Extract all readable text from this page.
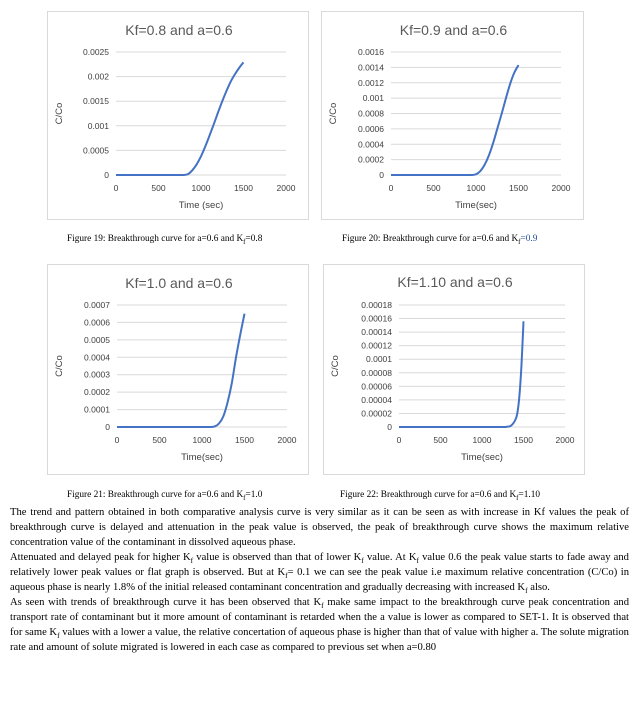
Kf=0.8 and a=0.6
0
0.0005
0.001
0.0015
0.002
0.0025
0	500	1000	1500	2000
Time (sec)
C/Co
Figure 19: Breakthrough curve for a=0.6 and $K_f=0.8$
Kf=0.9 and a=0.6
0
0.0002
0.0004
0.0006
0.0008
0.001
0.0012
0.0014
0.0016
0	500	1000	1500	2000
Time(sec)
C/Co
Figure 20: Breakthrough curve for a=0.6 and $K_f=0.9$
Kf=1.0 and a=0.6
0
0.0001
0.0002
0.0003
0.0004
0.0005
0.0006
0.0007
0	500	1000	1500	2000
Time(sec)
C/Co
Figure 21: Breakthrough curve for a=0.6 and $K_f=1.0$
Kf=1.10 and a=0.6
0
0.00002
0.00004
0.00006
0.00008
0.0001
0.00012
0.00014
0.00016
0.00018
0	500	1000	1500	2000
Time(sec)
C/Co
Figure 22: Breakthrough curve for a=0.6 and $K_f=1.10$

The trend and pattern obtained in both comparative analysis curve is very similar as it can be seen as with increase in Kf values the peak of breakthrough curve is delayed and attenuation in the peak value is observed, the peak of breakthrough curve shows the maximum relative concentration value of the contaminant in dissolved aqueous phase.

Attenuated and delayed peak for higher $K_f$ value is observed than that of lower $K_f$ value. At $K_f$ value 0.6 the peak value starts to fade away and relatively lower peak values or flat graph is observed. But at $K_f= 0.1$ we can see the peak value i.e maximum relative concentration (C/Co) in aqueous phase is nearly 1.8% of the initial released contaminant concentration and gradually decreasing with increased $K_f$ also.

As seen with trends of breakthrough curve it has been observed that $K_f$ make same impact to the breakthrough curve peak concentration and transport rate of contaminant but it more amount of contaminant is retarded when the a value is lower as compared to SET-1. It is observed that for same $K_f$ values with a lower a value, the relative concertation of aqueous phase is higher than that of value with higher a. The solute migration rate and amount of solute migrated is lowered in each case as compared to previous set when a=0.80
